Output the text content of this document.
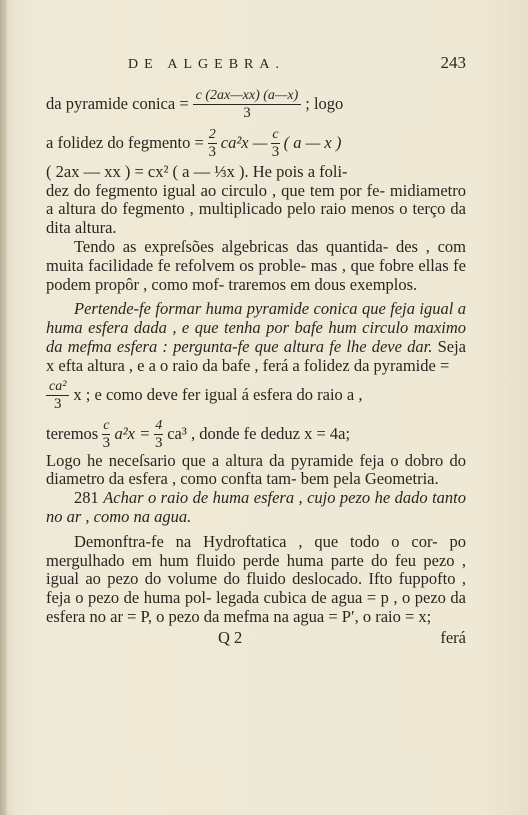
DE ALGEBRA.	243
da pyramide conica = $\frac{c (2ax—xx) (a—x)}{3}$ ; logo
a folidez do fegmento = $\frac{2}{3} ca^2x$ — $\frac{c}{3}$ ( a — x )

( 2ax — xx ) = cx² ( a — ⅓x ). He pois a foli-

dez do fegmento igual ao circulo , que tem por fe- midiametro a altura do fegmento , multiplicado pelo raio menos o terço da dita altura.

Tendo as expreſsões algebricas das quantida- des , com muita facilidade fe refolvem os proble- mas , que fobre ellas fe podem propôr , como mof- traremos em dous exemplos.

Pertende-fe formar huma pyramide conica que feja igual a huma esfera dada , e que tenha por bafe hum circulo maximo da mefma esfera : pergunta-fe que altura fe lhe deve dar. Seja x efta altura , e a o raio da bafe , ferá a folidez da pyramide =

$\frac{\text{ca²}}{3}$ x ; e como deve fer igual á esfera do raio a ,
teremos $\frac{c}{3} a^2x = \frac{4}{3} ca^3$ , donde fe deduz x = 4a;

Logo he neceſsario que a altura da pyramide feja o dobro do diametro da esfera , como confta tam- bem pela Geometria.

281 Achar o raio de huma esfera , cujo pezo he dado tanto no ar , como na agua.

Demonftra-fe na Hydroftatica , que todo o cor- po mergulhado em hum fluido perde huma parte do feu pezo , igual ao pezo do volume do fluido deslocado. Ifto fuppofto , feja o pezo de huma pol- legada cubica de agua = p , o pezo da esfera no ar = P, o pezo da mefma na agua = P′, o raio = x;

Q 2	ferá
